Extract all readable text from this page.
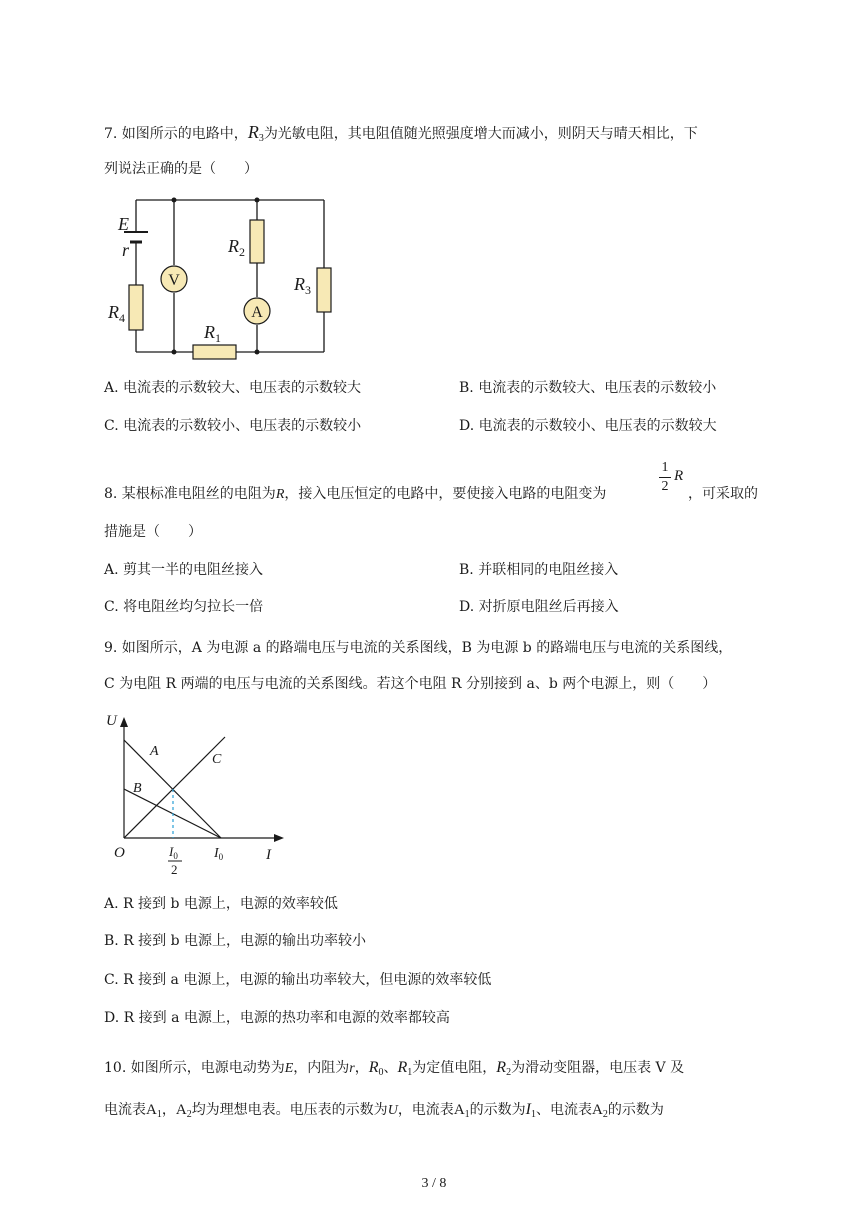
7. 如图所示的电路中，$R_3$为光敏电阻，其电阻值随光照强度增大而减小，则阴天与晴天相比，下
列说法正确的是（　　）
V
A
E
r
$R_4$
$R_1$
$R_2$
$R_3$
A. 电流表的示数较大、电压表的示数较大	B. 电流表的示数较大、电压表的示数较小
C. 电流表的示数较小、电压表的示数较小	D. 电流表的示数较小、电压表的示数较大
8. 某根标准电阻丝的电阻为R，接入电压恒定的电路中，要使接入电路的电阻变为
1
2
R
，可采取的
措施是（　　）
A. 剪其一半的电阻丝接入	B. 并联相同的电阻丝接入
C. 将电阻丝均匀拉长一倍	D. 对折原电阻丝后再接入
9. 如图所示，A 为电源 a 的路端电压与电流的关系图线，B 为电源 b 的路端电压与电流的关系图线，
C 为电阻 R 两端的电压与电流的关系图线。若这个电阻 R 分别接到 a、b 两个电源上，则（　　）
U
I
O
A
B
C
$I_0$
$I_0$
2
A. R 接到 b 电源上，电源的效率较低
B. R 接到 b 电源上，电源的输出功率较小
C. R 接到 a 电源上，电源的输出功率较大，但电源的效率较低
D. R 接到 a 电源上，电源的热功率和电源的效率都较高
10. 如图所示，电源电动势为E，内阻为r，$R_0$、$R_1$为定值电阻，$R_2$为滑动变阻器，电压表 V 及
电流表$A_1$，$A_2$均为理想电表。电压表的示数为U，电流表$A_1$的示数为$I_1$、电流表$A_2$的示数为
3 / 8
